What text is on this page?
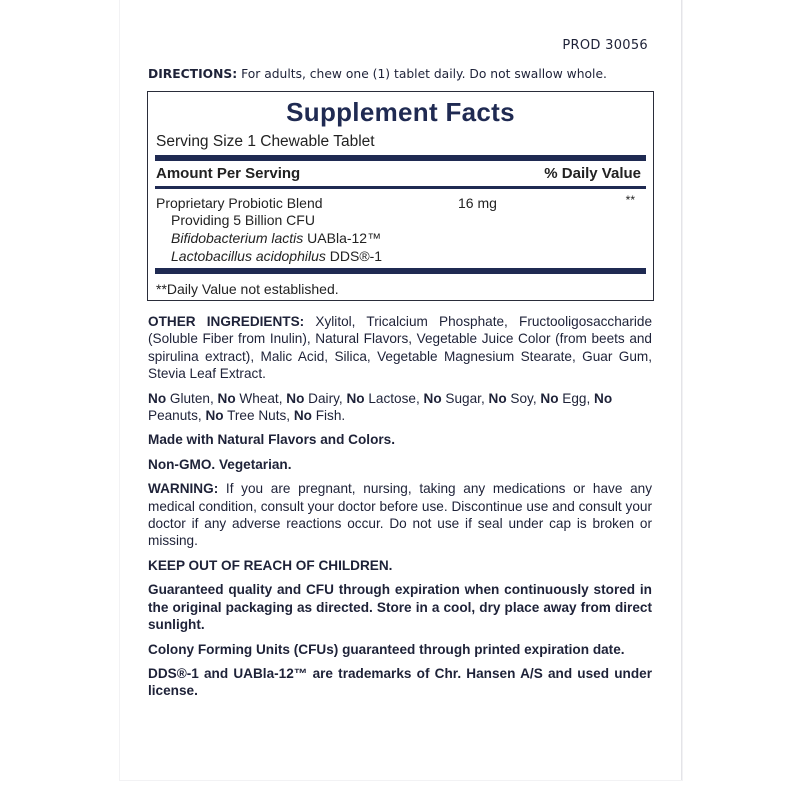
PROD 30056
DIRECTIONS: For adults, chew one (1) tablet daily. Do not swallow whole.
Supplement Facts
Serving Size 1 Chewable Tablet
Amount Per Serving	% Daily Value
Proprietary Probiotic Blend	16 mg	**
Providing 5 Billion CFU
Bifidobacterium lactis UABla-12™
Lactobacillus acidophilus DDS®-1
**Daily Value not established.
OTHER INGREDIENTS: Xylitol, Tricalcium Phosphate, Fructooligosaccharide (Soluble Fiber from Inulin), Natural Flavors, Vegetable Juice Color (from beets and spirulina extract), Malic Acid, Silica, Vegetable Magnesium Stearate, Guar Gum, Stevia Leaf Extract.
No Gluten, No Wheat, No Dairy, No Lactose, No Sugar, No Soy, No Egg, No Peanuts, No Tree Nuts, No Fish.
Made with Natural Flavors and Colors.
Non-GMO. Vegetarian.
WARNING: If you are pregnant, nursing, taking any medications or have any medical condition, consult your doctor before use. Discontinue use and consult your doctor if any adverse reactions occur. Do not use if seal under cap is broken or missing.
KEEP OUT OF REACH OF CHILDREN.
Guaranteed quality and CFU through expiration when continuously stored in the original packaging as directed. Store in a cool, dry place away from direct sunlight.
Colony Forming Units (CFUs) guaranteed through printed expiration date.
DDS®-1 and UABla-12™ are trademarks of Chr. Hansen A/S and used under license.
